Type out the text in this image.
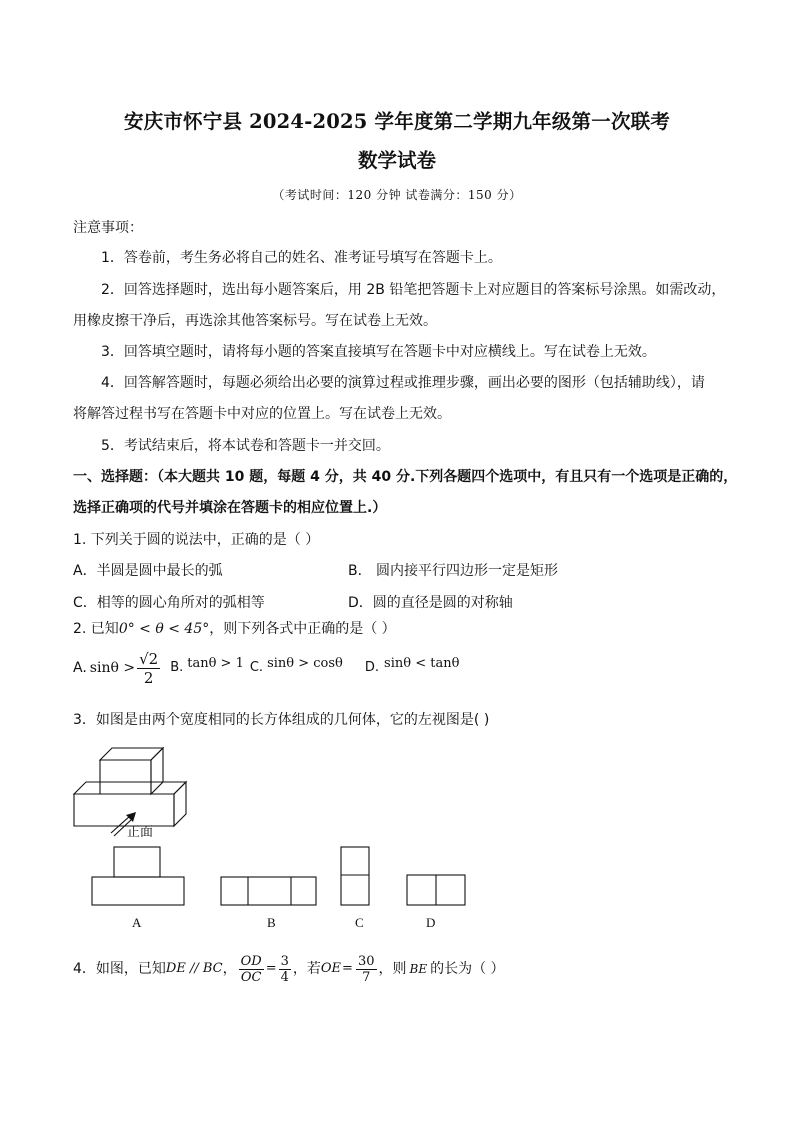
安庆市怀宁县 2024-2025 学年度第二学期九年级第一次联考
数学试卷
（考试时间：120 分钟 试卷满分：150 分）
注意事项：
1．答卷前，考生务必将自己的姓名、准考证号填写在答题卡上。
2．回答选择题时，选出每小题答案后，用 2B 铅笔把答题卡上对应题目的答案标号涂黑。如需改动，
用橡皮擦干净后，再选涂其他答案标号。写在试卷上无效。
3．回答填空题时，请将每小题的答案直接填写在答题卡中对应横线上。写在试卷上无效。
4．回答解答题时，每题必须给出必要的演算过程或推理步骤，画出必要的图形（包括辅助线），请
将解答过程书写在答题卡中对应的位置上。写在试卷上无效。
5．考试结束后，将本试卷和答题卡一并交回。
一、选择题：（本大题共 10 题，每题 4 分，共 40 分.下列各题四个选项中，有且只有一个选项是正确的，
选择正确项的代号并填涂在答题卡的相应位置上.）
1. 下列关于圆的说法中，正确的是（ ）
A．半圆是圆中最长的弧	B． 圆内接平行四边形一定是矩形
C．相等的圆心角所对的弧相等	D．圆的直径是圆的对称轴
2. 已知0° < θ < 45°，则下列各式中正确的是（ ）
A. $\sin\theta > \frac{√2}{2} B$. tanθ > 1 C. sinθ > cosθ D. sinθ < tanθ
3．如图是由两个宽度相同的长方体组成的几何体，它的左视图是( )
正面
A	B	C	D
4．如图，已知 DE // BC ， $\frac{OD}{OC} = \frac{3}{4}$ ，若 OE = $\frac{30}{7}$ ，则 BE 的长为（ ）
